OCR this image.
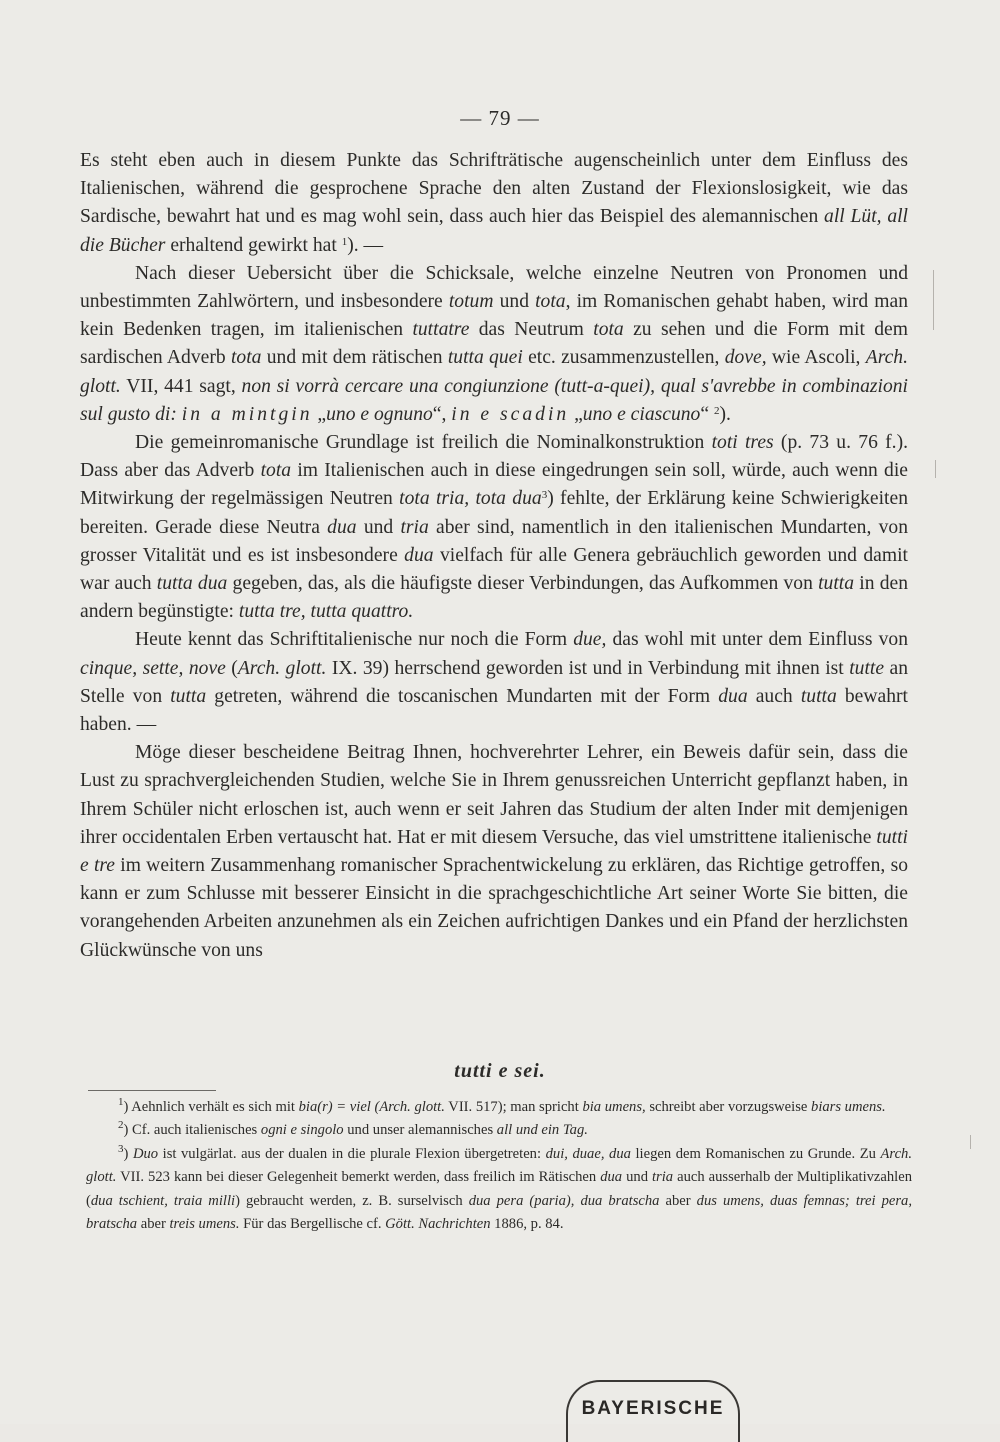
— 79 —

Es steht eben auch in diesem Punkte das Schrifträtische augenscheinlich unter dem Einfluss des Italienischen, während die gesprochene Sprache den alten Zustand der Flexionslosigkeit, wie das Sardische, bewahrt hat und es mag wohl sein, dass auch hier das Beispiel des alemannischen all Lüt, all die Bücher erhaltend gewirkt hat $^1$). —

Nach dieser Uebersicht über die Schicksale, welche einzelne Neutren von Pronomen und unbestimmten Zahlwörtern, und insbesondere totum und tota, im Romanischen gehabt haben, wird man kein Bedenken tragen, im italienischen tuttatre das Neutrum tota zu sehen und die Form mit dem sardischen Adverb tota und mit dem rätischen tutta quei etc. zusammenzustellen, dove, wie Ascoli, Arch. glott. VII, 441 sagt, non si vorrà cercare una congiunzione (tutt-a-quei), qual s'avrebbe in combinazioni sul gusto di: in a mintgin „uno e ognuno“, in e scadin „uno e ciascuno“ $^2$).

Die gemeinromanische Grundlage ist freilich die Nominalkonstruktion toti tres (p. 73 u. 76 f.). Dass aber das Adverb tota im Italienischen auch in diese eingedrungen sein soll, würde, auch wenn die Mitwirkung der regelmässigen Neutren tota tria, tota dua$^3$) fehlte, der Erklärung keine Schwierigkeiten bereiten. Gerade diese Neutra dua und tria aber sind, namentlich in den italienischen Mundarten, von grosser Vitalität und es ist insbesondere dua vielfach für alle Genera gebräuchlich geworden und damit war auch tutta dua gegeben, das, als die häufigste dieser Verbindungen, das Aufkommen von tutta in den andern begünstigte: tutta tre, tutta quattro.

Heute kennt das Schriftitalienische nur noch die Form due, das wohl mit unter dem Einfluss von cinque, sette, nove (Arch. glott. IX. 39) herrschend geworden ist und in Verbindung mit ihnen ist tutte an Stelle von tutta getreten, während die toscanischen Mundarten mit der Form dua auch tutta bewahrt haben. —

Möge dieser bescheidene Beitrag Ihnen, hochverehrter Lehrer, ein Beweis dafür sein, dass die Lust zu sprachvergleichenden Studien, welche Sie in Ihrem genussreichen Unterricht gepflanzt haben, in Ihrem Schüler nicht erloschen ist, auch wenn er seit Jahren das Studium der alten Inder mit demjenigen ihrer occidentalen Erben vertauscht hat. Hat er mit diesem Versuche, das viel umstrittene italienische tutti e tre im weitern Zusammenhang romanischer Sprachentwickelung zu erklären, das Richtige getroffen, so kann er zum Schlusse mit besserer Einsicht in die sprachgeschichtliche Art seiner Worte Sie bitten, die vorangehenden Arbeiten anzunehmen als ein Zeichen aufrichtigen Dankes und ein Pfand der herzlichsten Glückwünsche von uns

tutti e sei.

$^1$) Aehnlich verhält es sich mit bia(r) = viel (Arch. glott. VII. 517); man spricht bia umens, schreibt aber vorzugsweise biars umens.

$^2$) Cf. auch italienisches ogni e singolo und unser alemannisches all und ein Tag.

$^3$) Duo ist vulgärlat. aus der dualen in die plurale Flexion übergetreten: dui, duae, dua liegen dem Romanischen zu Grunde. Zu Arch. glott. VII. 523 kann bei dieser Gelegenheit bemerkt werden, dass freilich im Rätischen dua und tria auch ausserhalb der Multiplikativzahlen (dua tschient, traia milli) gebraucht werden, z. B. surselvisch dua pera (paria), dua bratscha aber dus umens, duas femnas; trei pera, bratscha aber treis umens. Für das Bergellische cf. Gött. Nachrichten 1886, p. 84.

BAYERISCHE
